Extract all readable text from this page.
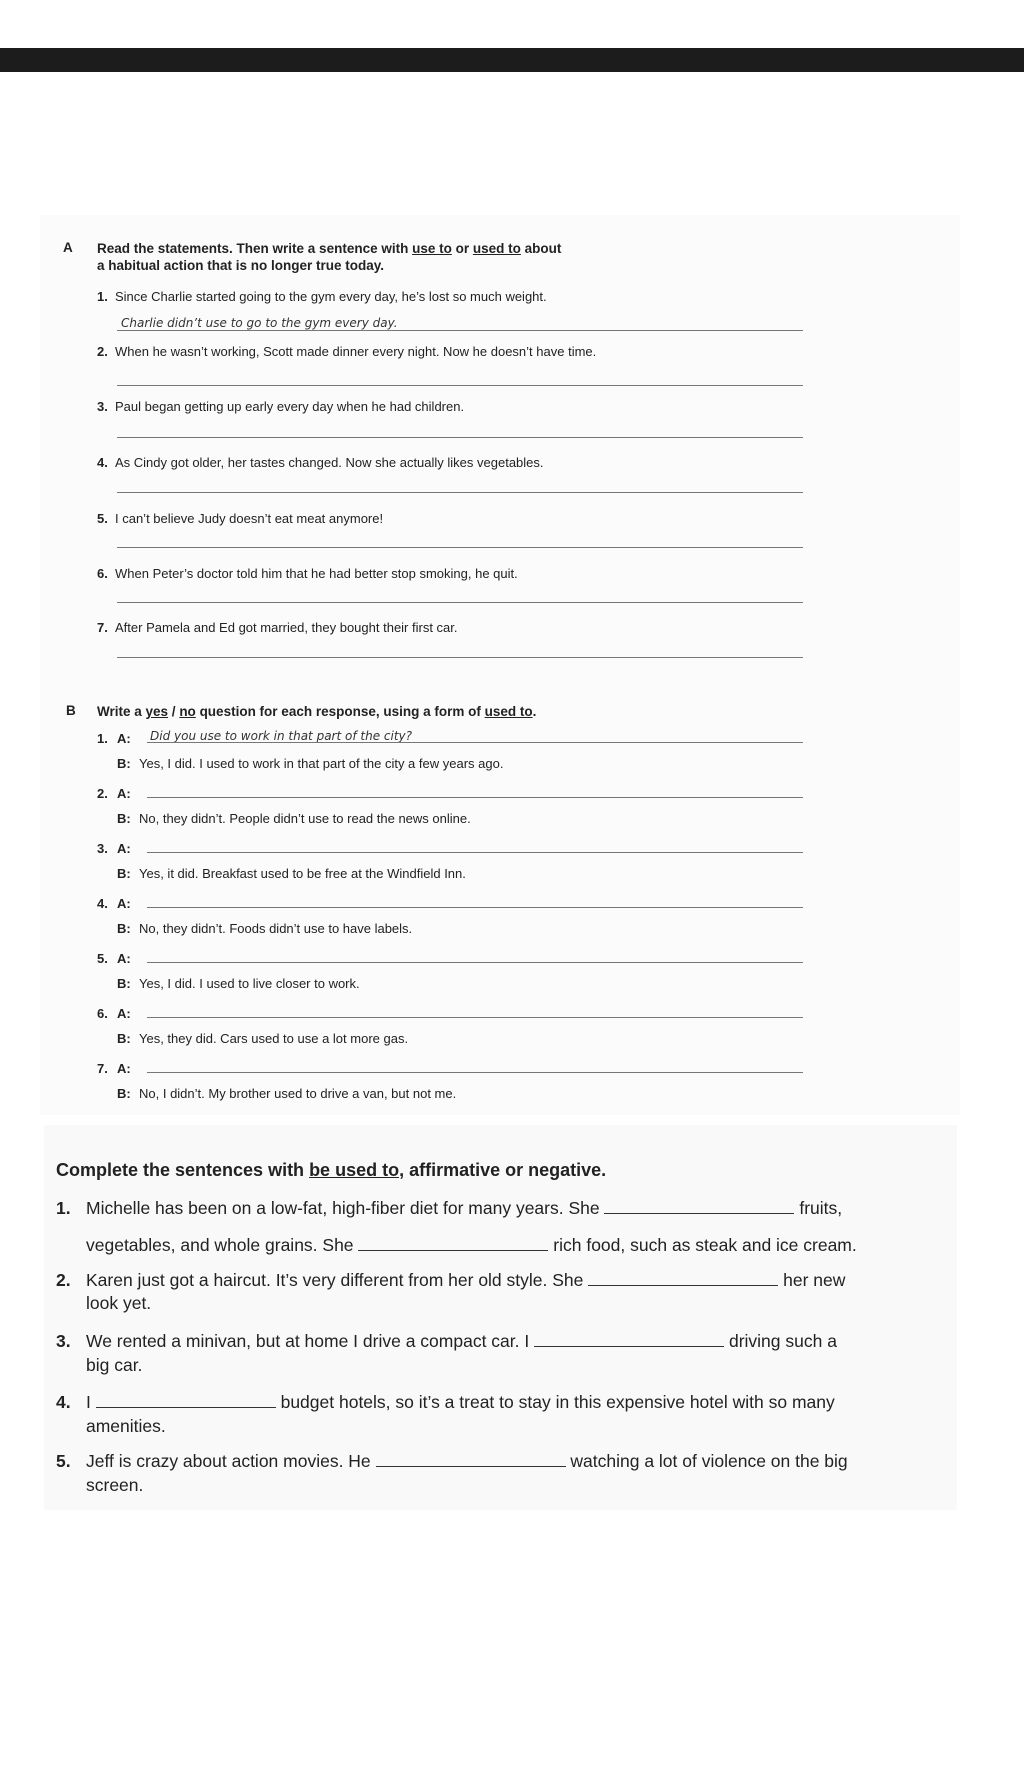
A Read the statements. Then write a sentence with use to or used to about
a habitual action that is no longer true today.
1. Since Charlie started going to the gym every day, he’s lost so much weight.
Charlie didn’t use to go to the gym every day.
2. When he wasn’t working, Scott made dinner every night. Now he doesn’t have time.
3. Paul began getting up early every day when he had children.
4. As Cindy got older, her tastes changed. Now she actually likes vegetables.
5. I can’t believe Judy doesn’t eat meat anymore!
6. When Peter’s doctor told him that he had better stop smoking, he quit.
7. After Pamela and Ed got married, they bought their first car.
B Write a yes / no question for each response, using a form of used to.
1. A:	Did you use to work in that part of the city?
B: Yes, I did. I used to work in that part of the city a few years ago.
2. A:
B: No, they didn’t. People didn’t use to read the news online.
3. A:
B: Yes, it did. Breakfast used to be free at the Windfield Inn.
4. A:
B: No, they didn’t. Foods didn’t use to have labels.
5. A:
B: Yes, I did. I used to live closer to work.
6. A:
B: Yes, they did. Cars used to use a lot more gas.
7. A:
B: No, I didn’t. My brother used to drive a van, but not me.
Complete the sentences with be used to, affirmative or negative.
1. Michelle has been on a low-fat, high-fiber diet for many years. She	fruits,
vegetables, and whole grains. She	rich food, such as steak and ice cream.
2. Karen just got a haircut. It’s very different from her old style. She	her new
look yet.
3. We rented a minivan, but at home I drive a compact car. I	driving such a
big car.
4. I	budget hotels, so it’s a treat to stay in this expensive hotel with so many
amenities.
5. Jeff is crazy about action movies. He	watching a lot of violence on the big
screen.
